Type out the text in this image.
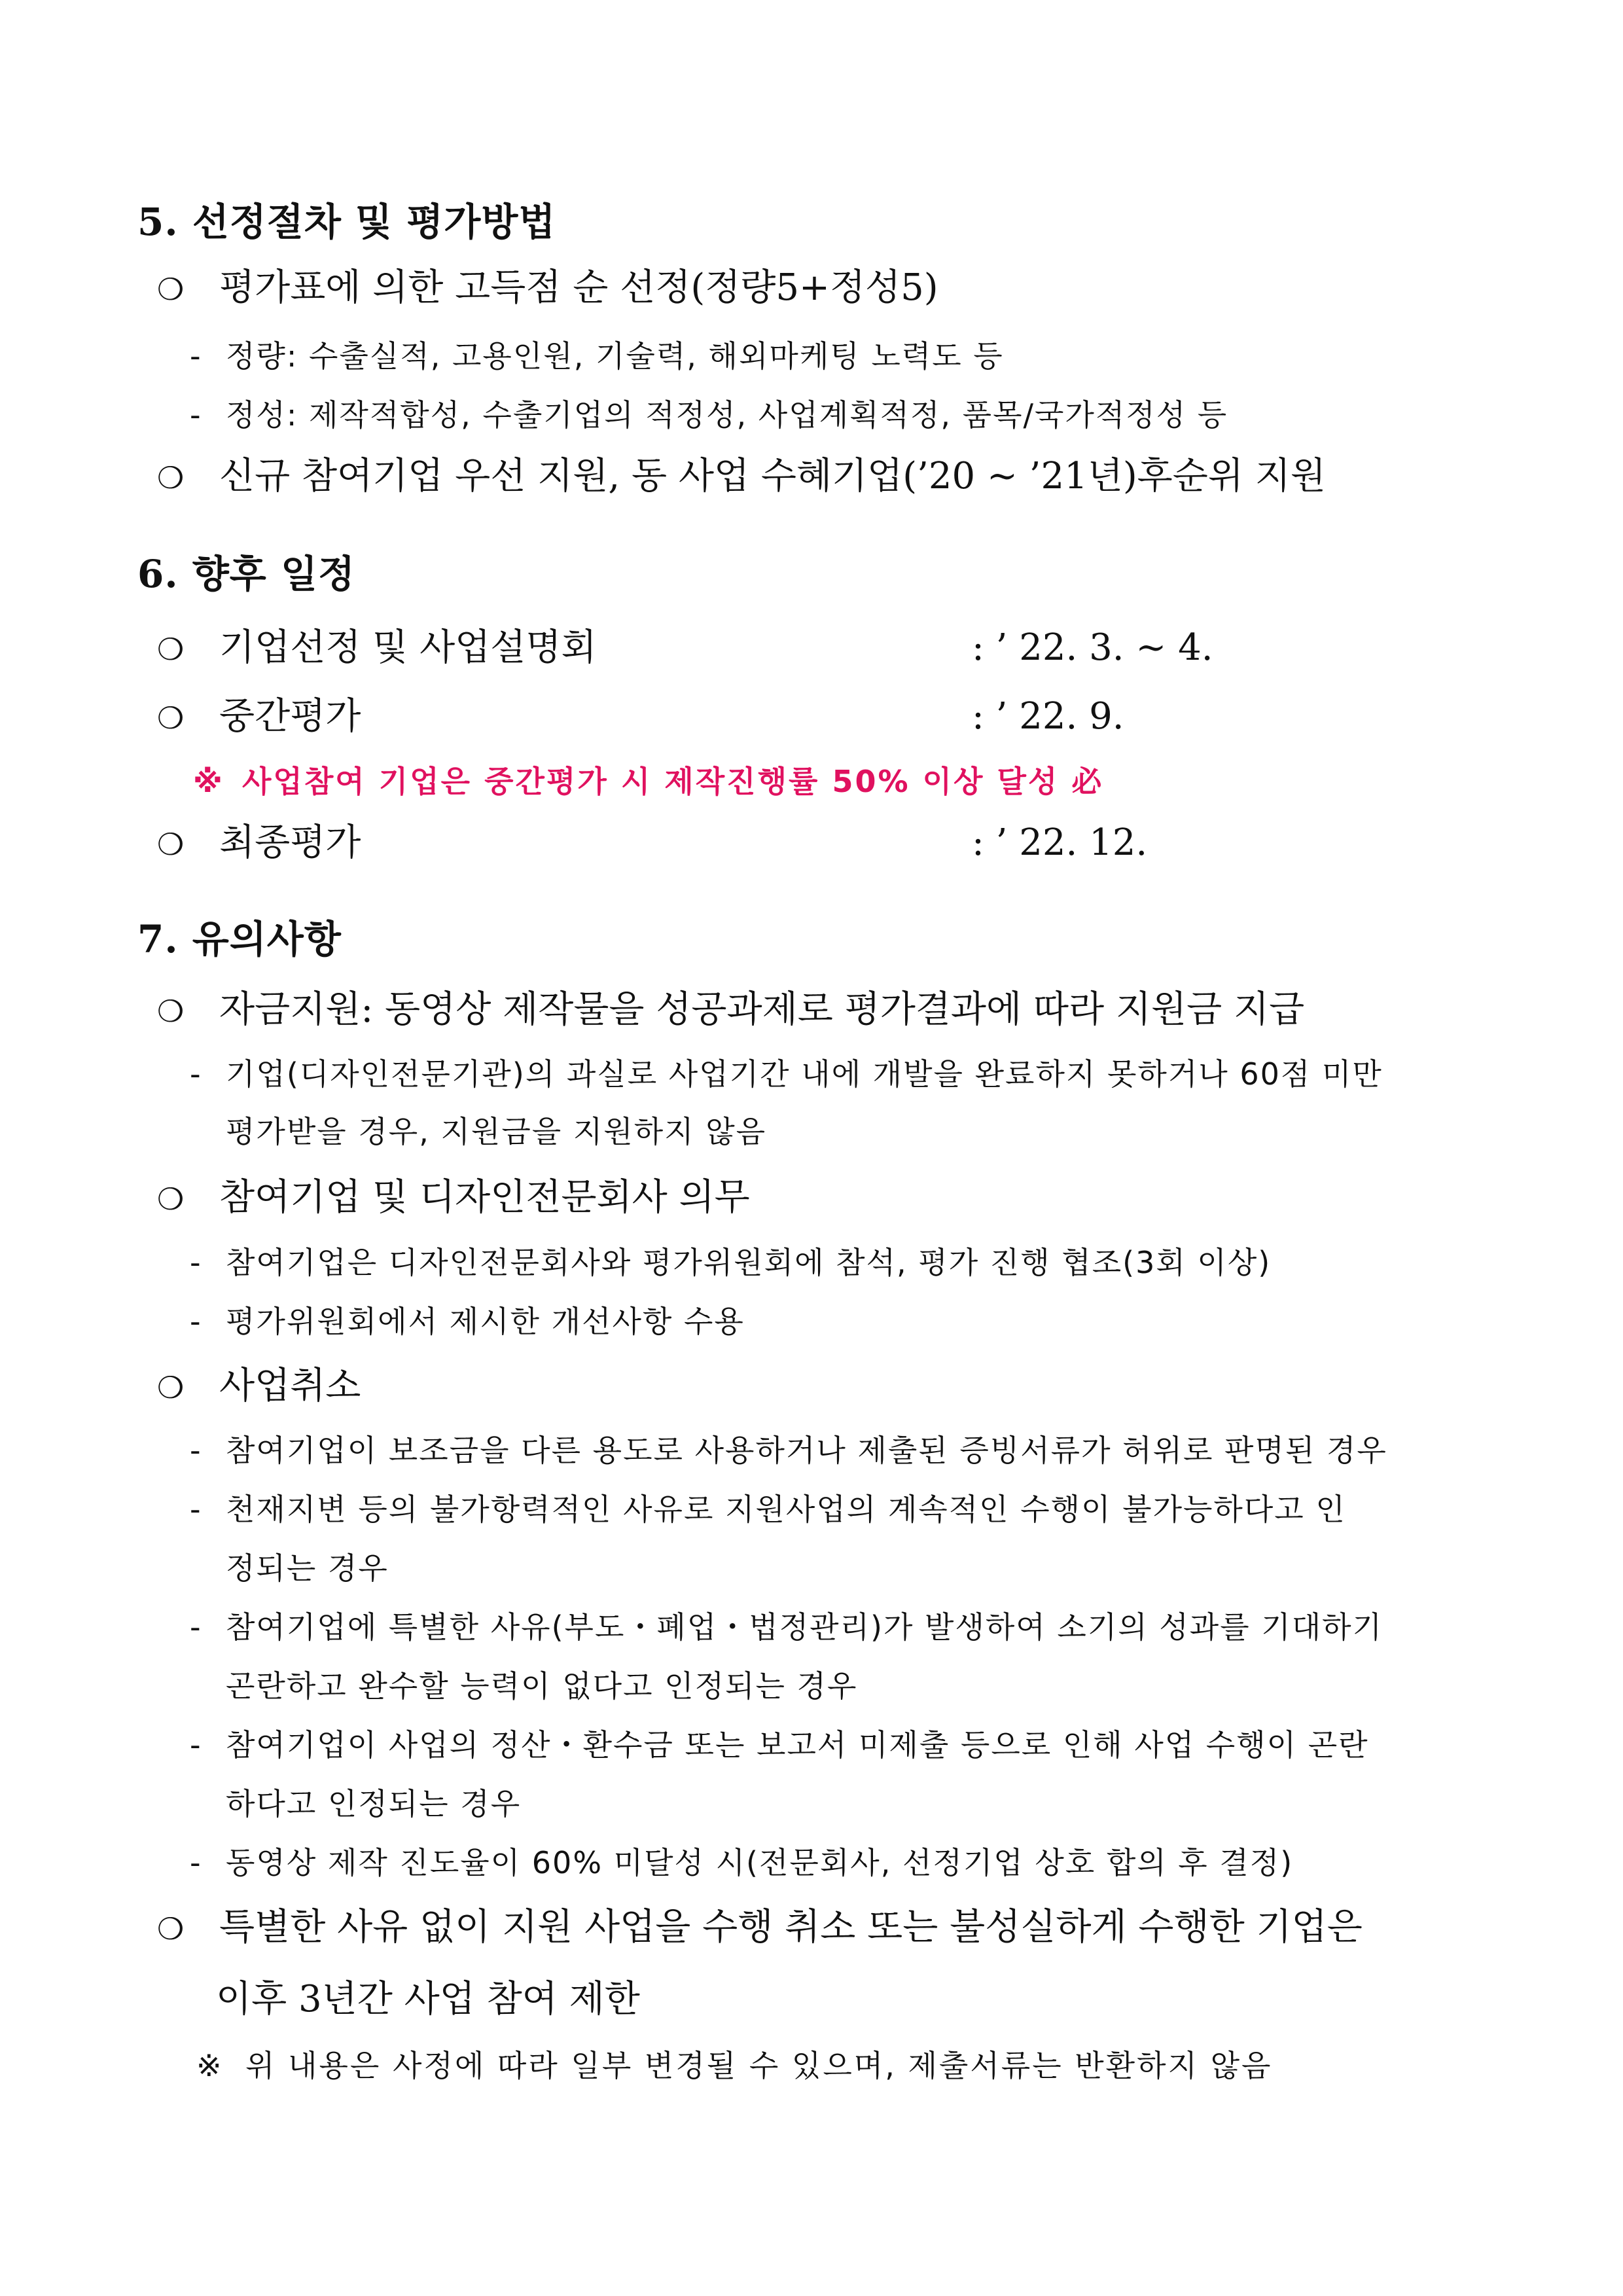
5. 선정절차 및 평가방법
❍ 평가표에 의한 고득점 순 선정(정량5+정성5)
- 정량: 수출실적, 고용인원, 기술력, 해외마케팅 노력도 등
- 정성: 제작적합성, 수출기업의 적정성, 사업계획적정, 품목/국가적정성 등
❍ 신규 참여기업 우선 지원, 동 사업 수혜기업(’20 ~ ’21년)후순위 지원
6. 향후 일정
❍ 기업선정 및 사업설명회	: ’ 22. 3. ~ 4.
❍ 중간평가	: ’ 22. 9.
※ 사업참여 기업은 중간평가 시 제작진행률 50% 이상 달성 必
❍ 최종평가	: ’ 22. 12.
7. 유의사항
❍ 자금지원: 동영상 제작물을 성공과제로 평가결과에 따라 지원금 지급
- 기업(디자인전문기관)의 과실로 사업기간 내에 개발을 완료하지 못하거나 60점 미만
평가받을 경우, 지원금을 지원하지 않음
❍ 참여기업 및 디자인전문회사 의무
- 참여기업은 디자인전문회사와 평가위원회에 참석, 평가 진행 협조(3회 이상)
- 평가위원회에서 제시한 개선사항 수용
❍ 사업취소
- 참여기업이 보조금을 다른 용도로 사용하거나 제출된 증빙서류가 허위로 판명된 경우
- 천재지변 등의 불가항력적인 사유로 지원사업의 계속적인 수행이 불가능하다고 인
정되는 경우
- 참여기업에 특별한 사유(부도・폐업・법정관리)가 발생하여 소기의 성과를 기대하기
곤란하고 완수할 능력이 없다고 인정되는 경우
- 참여기업이 사업의 정산・환수금 또는 보고서 미제출 등으로 인해 사업 수행이 곤란
하다고 인정되는 경우
- 동영상 제작 진도율이 60% 미달성 시(전문회사, 선정기업 상호 합의 후 결정)
❍ 특별한 사유 없이 지원 사업을 수행 취소 또는 불성실하게 수행한 기업은
이후 3년간 사업 참여 제한
※ 위 내용은 사정에 따라 일부 변경될 수 있으며, 제출서류는 반환하지 않음
